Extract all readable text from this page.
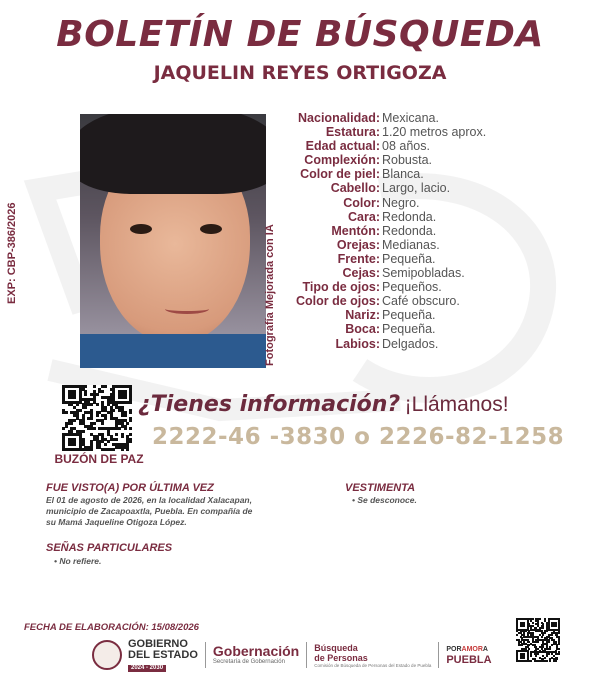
BOLETÍN DE BÚSQUEDA
JAQUELIN REYES ORTIGOZA
EXP: CBP-386/2026	Fotografía Mejorada con IA
Nacionalidad: Mexicana.
Estatura: 1.20 metros aprox.
Edad actual: 08 años.
Complexión: Robusta.
Color de piel: Blanca.
Cabello: Largo, lacio.
Color: Negro.
Cara: Redonda.
Mentón: Redonda.
Orejas: Medianas.
Frente: Pequeña.
Cejas: Semipobladas.
Tipo de ojos: Pequeños.
Color de ojos: Café obscuro.
Nariz: Pequeña.
Boca: Pequeña.
Labios: Delgados.
BUZÓN DE PAZ
¿Tienes información? ¡Llámanos!
2222-46 -3830 o 2226-82-1258
FUE VISTO(A) POR ÚLTIMA VEZ
El 01 de agosto de 2026, en la localidad Xalacapan,
municipio de Zacapoaxtla, Puebla. En compañía de
su Mamá Jaqueline Otigoza López.
VESTIMENTA
• Se desconoce.
SEÑAS PARTICULARES
• No refiere.
FECHA DE ELABORACIÓN: 15/08/2026
GOBIERNO
DEL ESTADO
2024 - 2030
Gobernación
Secretaría de Gobernación
Búsqueda
de Personas
Comisión de Búsqueda de Personas del Estado de Puebla
PORAMORA
PUEBLA
